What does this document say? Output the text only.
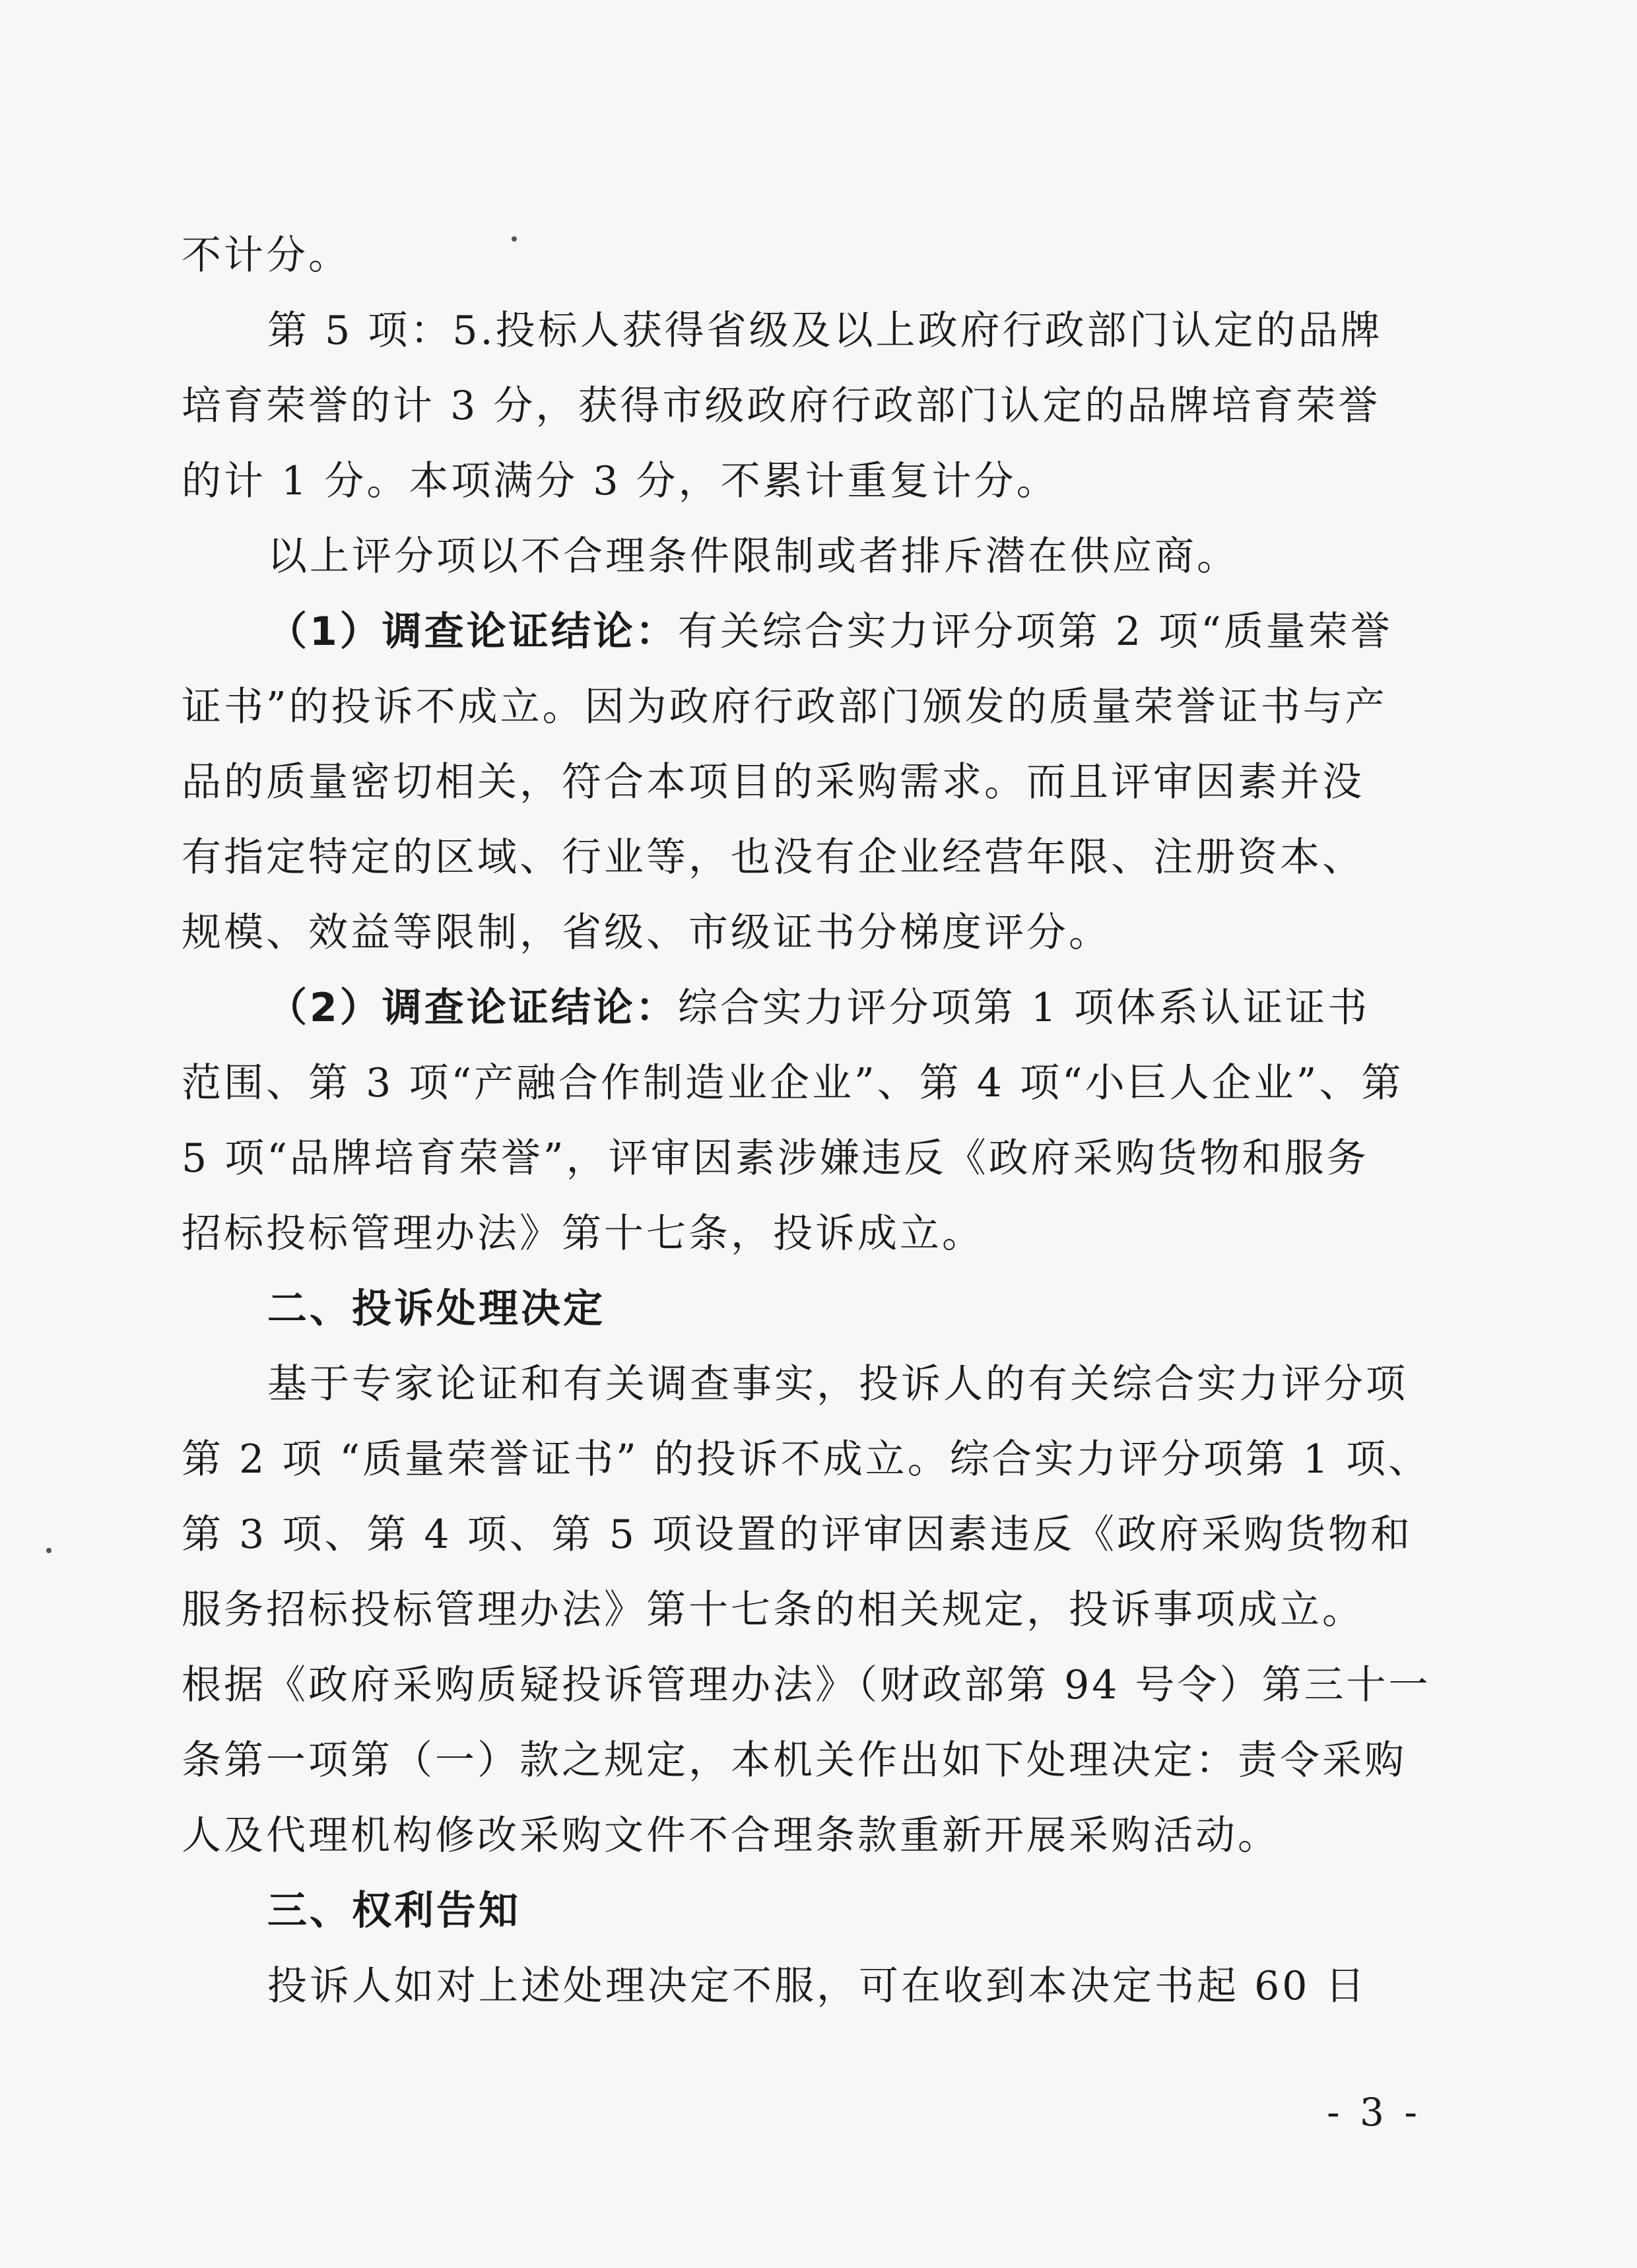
不计分。
第 5 项：5.投标人获得省级及以上政府行政部门认定的品牌
培育荣誉的计 3 分，获得市级政府行政部门认定的品牌培育荣誉
的计 1 分。本项满分 3 分，不累计重复计分。
以上评分项以不合理条件限制或者排斥潜在供应商。
（1）调查论证结论：有关综合实力评分项第 2 项“质量荣誉
证书”的投诉不成立。因为政府行政部门颁发的质量荣誉证书与产
品的质量密切相关，符合本项目的采购需求。而且评审因素并没
有指定特定的区域、行业等，也没有企业经营年限、注册资本、
规模、效益等限制，省级、市级证书分梯度评分。
（2）调查论证结论：综合实力评分项第 1 项体系认证证书
范围、第 3 项“产融合作制造业企业”、第 4 项“小巨人企业”、第
5 项“品牌培育荣誉”，评审因素涉嫌违反《政府采购货物和服务
招标投标管理办法》第十七条，投诉成立。
二、投诉处理决定
基于专家论证和有关调查事实，投诉人的有关综合实力评分项
第 2 项 “质量荣誉证书” 的投诉不成立。综合实力评分项第 1 项、
第 3 项、第 4 项、第 5 项设置的评审因素违反《政府采购货物和
服务招标投标管理办法》第十七条的相关规定，投诉事项成立。
根据《政府采购质疑投诉管理办法》（财政部第 94 号令）第三十一
条第一项第（一）款之规定，本机关作出如下处理决定：责令采购
人及代理机构修改采购文件不合理条款重新开展采购活动。
三、权利告知
投诉人如对上述处理决定不服，可在收到本决定书起 60 日
- 3 -
